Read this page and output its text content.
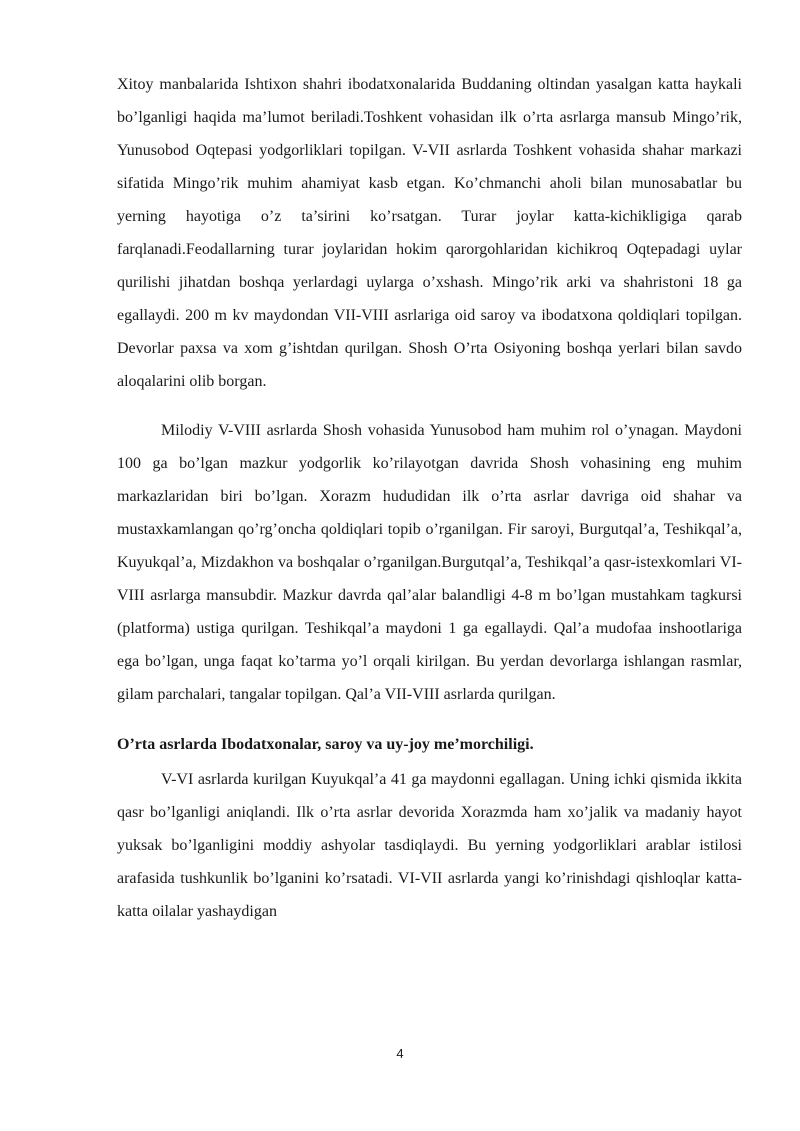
Xitoy manbalarida Ishtixon shahri ibodatxonalarida Buddaning oltindan yasalgan katta haykali bo’lganligi haqida ma’lumot beriladi.Toshkent vohasidan ilk o’rta asrlarga mansub Mingo’rik, Yunusobod Oqtepasi yodgorliklari topilgan. V-VII asrlarda Toshkent vohasida shahar markazi sifatida Mingo’rik muhim ahamiyat kasb etgan. Ko’chmanchi aholi bilan munosabatlar bu yerning hayotiga o’z ta’sirini ko’rsatgan. Turar joylar katta-kichikligiga qarab farqlanadi.Feodallarning turar joylaridan hokim qarorgohlaridan kichikroq Oqtepadagi uylar qurilishi jihatdan boshqa yerlardagi uylarga o’xshash. Mingo’rik arki va shahristoni 18 ga egallaydi. 200 m kv maydondan VII-VIII asrlariga oid saroy va ibodatxona qoldiqlari topilgan. Devorlar paxsa va xom g’ishtdan qurilgan. Shosh O’rta Osiyoning boshqa yerlari bilan savdo aloqalarini olib borgan.

Milodiy V-VIII asrlarda Shosh vohasida Yunusobod ham muhim rol o’ynagan. Maydoni 100 ga bo’lgan mazkur yodgorlik ko’rilayotgan davrida Shosh vohasining eng muhim markazlaridan biri bo’lgan. Xorazm hududidan ilk o’rta asrlar davriga oid shahar va mustaxkamlangan qo’rg’oncha qoldiqlari topib o’rganilgan. Fir saroyi, Burgutqal’a, Teshikqal’a, Kuyukqal’a, Mizdakhon va boshqalar o’rganilgan.Burgutqal’a, Teshikqal’a qasr-istexkomlari VI-VIII asrlarga mansubdir. Mazkur davrda qal’alar balandligi 4-8 m bo’lgan mustahkam tagkursi (platforma) ustiga qurilgan. Teshikqal’a maydoni 1 ga egallaydi. Qal’a mudofaa inshootlariga ega bo’lgan, unga faqat ko’tarma yo’l orqali kirilgan. Bu yerdan devorlarga ishlangan rasmlar, gilam parchalari, tangalar topilgan. Qal’a VII-VIII asrlarda qurilgan.

O’rta asrlarda Ibodatxonalar, saroy va uy-joy me’morchiligi.

V-VI asrlarda kurilgan Kuyukqal’a 41 ga maydonni egallagan. Uning ichki qismida ikkita qasr bo’lganligi aniqlandi. Ilk o’rta asrlar devorida Xorazmda ham xo’jalik va madaniy hayot yuksak bo’lganligini moddiy ashyolar tasdiqlaydi. Bu yerning yodgorliklari arablar istilosi arafasida tushkunlik bo’lganini ko’rsatadi. VI-VII asrlarda yangi ko’rinishdagi qishloqlar katta-katta oilalar yashaydigan

4
